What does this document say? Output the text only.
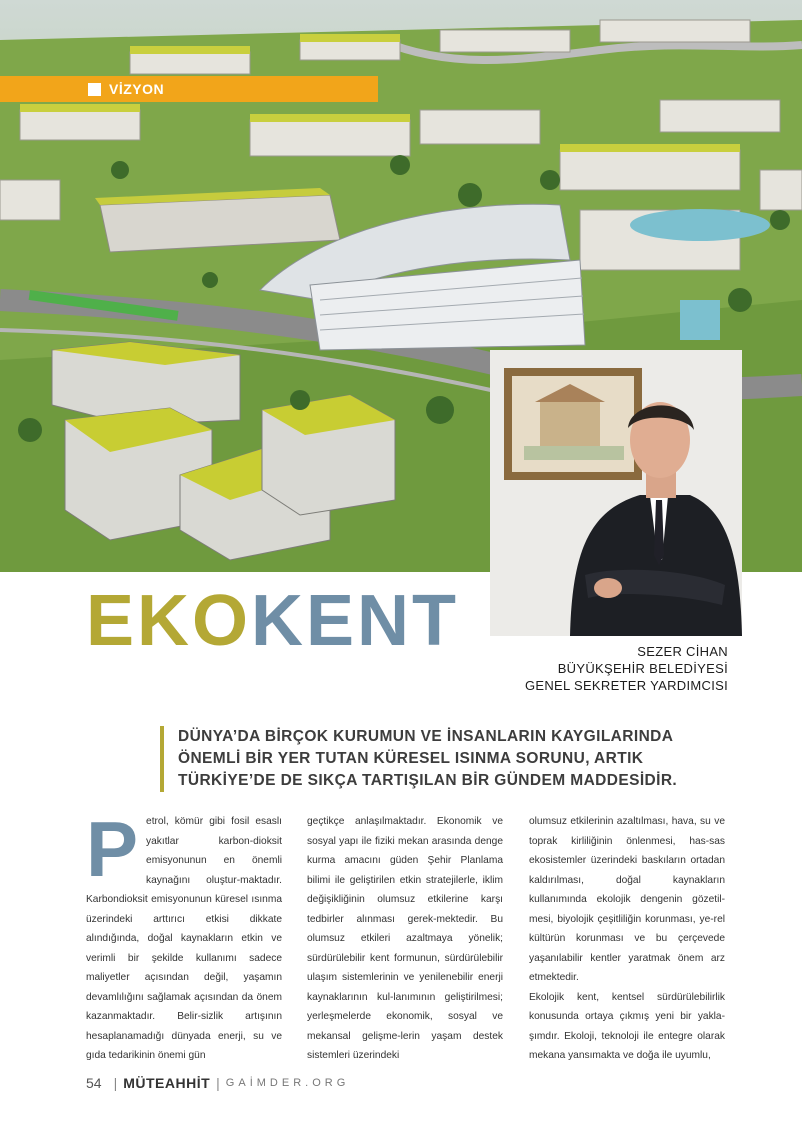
VİZYON
EKOKENT	SEZER CİHAN
BÜYÜKŞEHİR BELEDİYESİ
GENEL SEKRETER YARDIMCISI
DÜNYA’DA BİRÇOK KURUMUN VE İNSANLARIN KAYGILARINDA ÖNEMLİ BİR YER TUTAN KÜRESEL ISINMA SORUNU, ARTIK TÜRKİYE’DE DE SIKÇA TARTIŞILAN BİR GÜNDEM MADDESİDİR.
P etrol, kömür gibi fosil esaslı yakıtlar karbon-dioksit emisyonunun en önemli kaynağını oluştur-maktadır. Karbondioksit emisyonunun küresel ısınma üzerindeki arttırıcı etkisi dikkate alındığında, doğal kaynakların etkin ve verimli bir şekilde kullanımı sadece maliyetler açısından değil, yaşamın devamlılığını sağlamak açısından da önem kazanmaktadır. Belir-sizlik artışının hesaplanamadığı dünyada enerji, su ve gıda tedarikinin önemi gün

geçtikçe anlaşılmaktadır. Ekonomik ve sosyal yapı ile fiziki mekan arasında denge kurma amacını güden Şehir Planlama bilimi ile geliştirilen etkin stratejilerle, iklim değişikliğinin olumsuz etkilerine karşı tedbirler alınması gerek-mektedir. Bu olumsuz etkileri azaltmaya yönelik; sürdürülebilir kent formunun, sürdürülebilir ulaşım sistemlerinin ve yenilenebilir enerji kaynaklarının kul-lanımının geliştirilmesi; yerleşmelerde ekonomik, sosyal ve mekansal gelişme-lerin yaşam destek sistemleri üzerindeki

olumsuz etkilerinin azaltılması, hava, su ve toprak kirliliğinin önlenmesi, has-sas ekosistemler üzerindeki baskıların ortadan kaldırılması, doğal kaynakların kullanımında ekolojik dengenin gözetil-mesi, biyolojik çeşitliliğin korunması, ye-rel kültürün korunması ve bu çerçevede yaşanılabilir kentler yaratmak önem arz etmektedir.

Ekolojik kent, kentsel sürdürülebilirlik konusunda ortaya çıkmış yeni bir yakla-şımdır. Ekoloji, teknoloji ile entegre olarak mekana yansımakta ve doğa ile uyumlu,

54 | MÜTEAHHİT | GAİMDER.ORG
